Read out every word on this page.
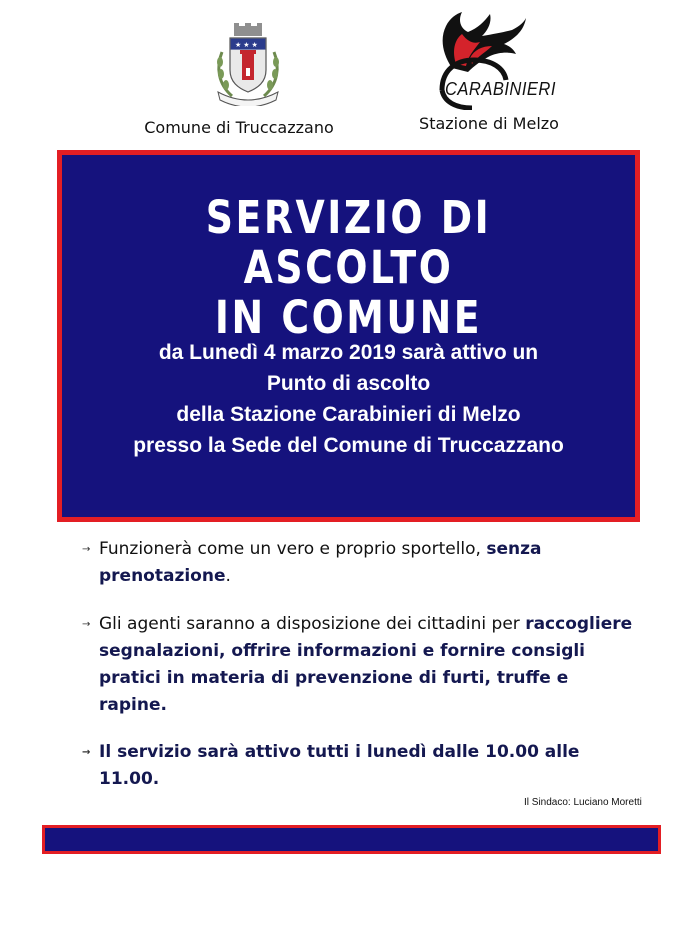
★ ★ ★
Comune di Truccazzano
CARABINIERI
Stazione di Melzo
SERVIZIO DI ASCOLTO
IN COMUNE
da Lunedì 4 marzo 2019 sarà attivo un
Punto di ascolto
della Stazione Carabinieri di Melzo
presso la Sede del Comune di Truccazzano
→ Funzionerà come un vero e proprio sportello, senza prenotazione.
→ Gli agenti saranno a disposizione dei cittadini per raccogliere segnalazioni, offrire informazioni e fornire consigli pratici in materia di prevenzione di furti, truffe e rapine.
→ Il servizio sarà attivo tutti i lunedì dalle 10.00 alle 11.00.
Il Sindaco: Luciano Moretti
